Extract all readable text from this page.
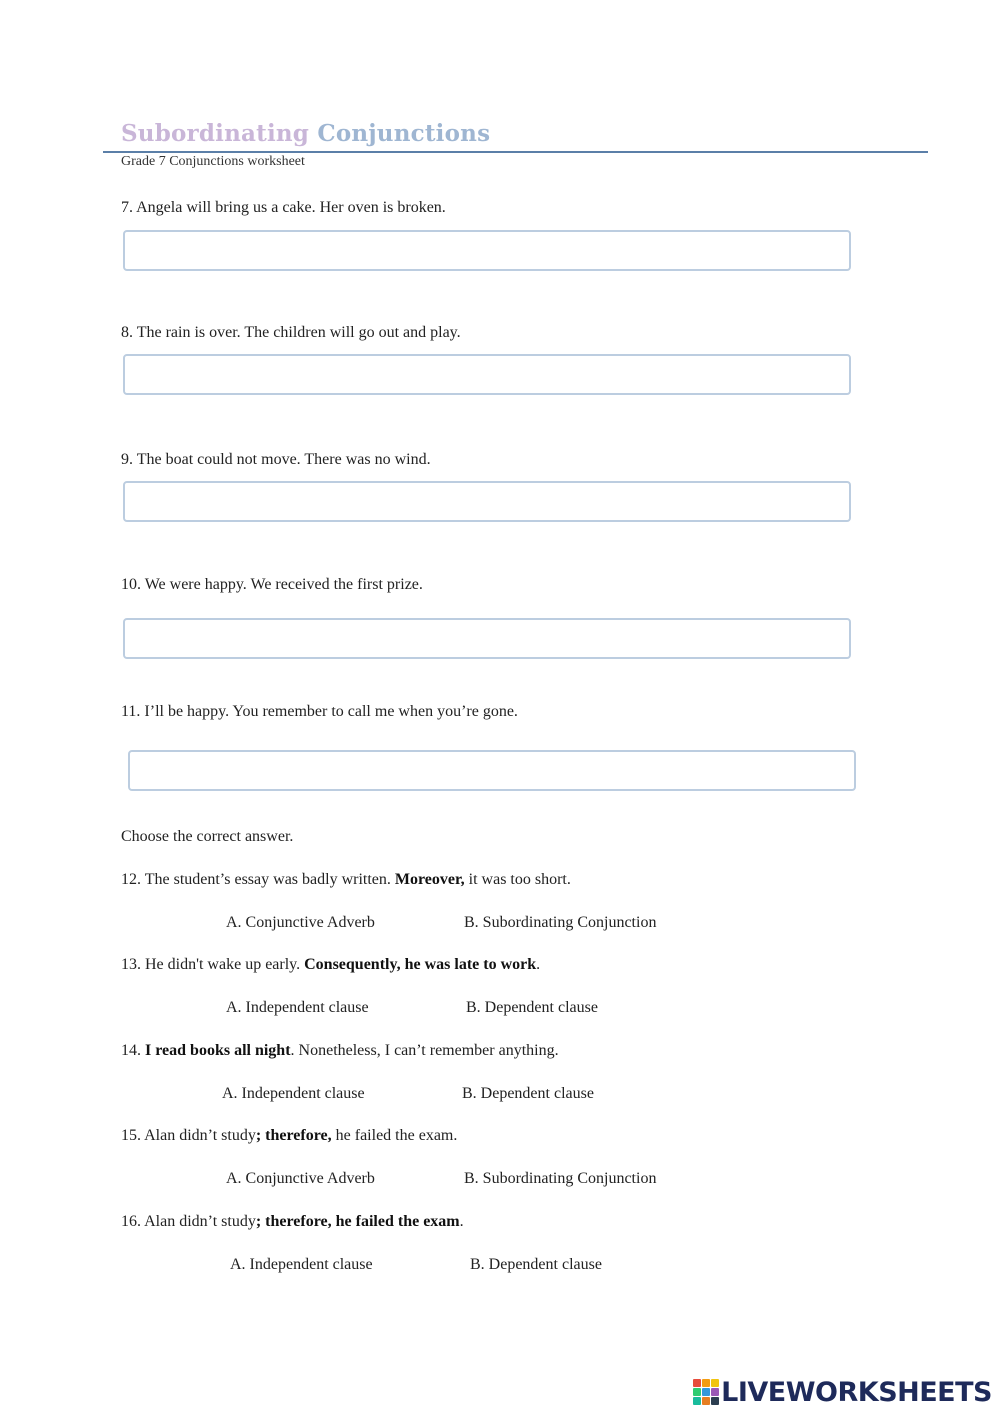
Subordinating Conjunctions
Grade 7 Conjunctions worksheet
7. Angela will bring us a cake. Her oven is broken.
8. The rain is over. The children will go out and play.
9. The boat could not move. There was no wind.
10. We were happy. We received the first prize.
11. I’ll be happy. You remember to call me when you’re gone.
Choose the correct answer.
12. The student’s essay was badly written. Moreover, it was too short.
A. Conjunctive Adverb	B. Subordinating Conjunction
13. He didn't wake up early. Consequently, he was late to work.
A. Independent clause	B. Dependent clause
14. I read books all night. Nonetheless, I can’t remember anything.
A. Independent clause	B. Dependent clause
15. Alan didn’t study; therefore, he failed the exam.
A. Conjunctive Adverb	B. Subordinating Conjunction
16. Alan didn’t study; therefore, he failed the exam.
A. Independent clause	B. Dependent clause
LIVEWORKSHEETS
